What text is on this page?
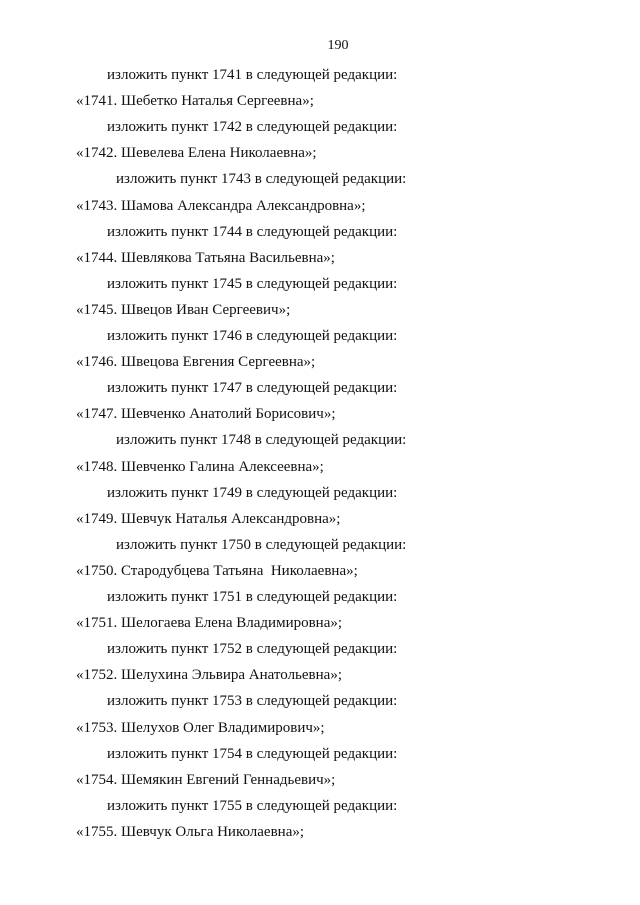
190
изложить пункт 1741 в следующей редакции:
«1741. Шебетко Наталья Сергеевна»;
изложить пункт 1742 в следующей редакции:
«1742. Шевелева Елена Николаевна»;
изложить пункт 1743 в следующей редакции:
«1743. Шамова Александра Александровна»;
изложить пункт 1744 в следующей редакции:
«1744. Шевлякова Татьяна Васильевна»;
изложить пункт 1745 в следующей редакции:
«1745. Швецов Иван Сергеевич»;
изложить пункт 1746 в следующей редакции:
«1746. Швецова Евгения Сергеевна»;
изложить пункт 1747 в следующей редакции:
«1747. Шевченко Анатолий Борисович»;
изложить пункт 1748 в следующей редакции:
«1748. Шевченко Галина Алексеевна»;
изложить пункт 1749 в следующей редакции:
«1749. Шевчук Наталья Александровна»;
изложить пункт 1750 в следующей редакции:
«1750. Стародубцева Татьяна  Николаевна»;
изложить пункт 1751 в следующей редакции:
«1751. Шелогаева Елена Владимировна»;
изложить пункт 1752 в следующей редакции:
«1752. Шелухина Эльвира Анатольевна»;
изложить пункт 1753 в следующей редакции:
«1753. Шелухов Олег Владимирович»;
изложить пункт 1754 в следующей редакции:
«1754. Шемякин Евгений Геннадьевич»;
изложить пункт 1755 в следующей редакции:
«1755. Шевчук Ольга Николаевна»;
